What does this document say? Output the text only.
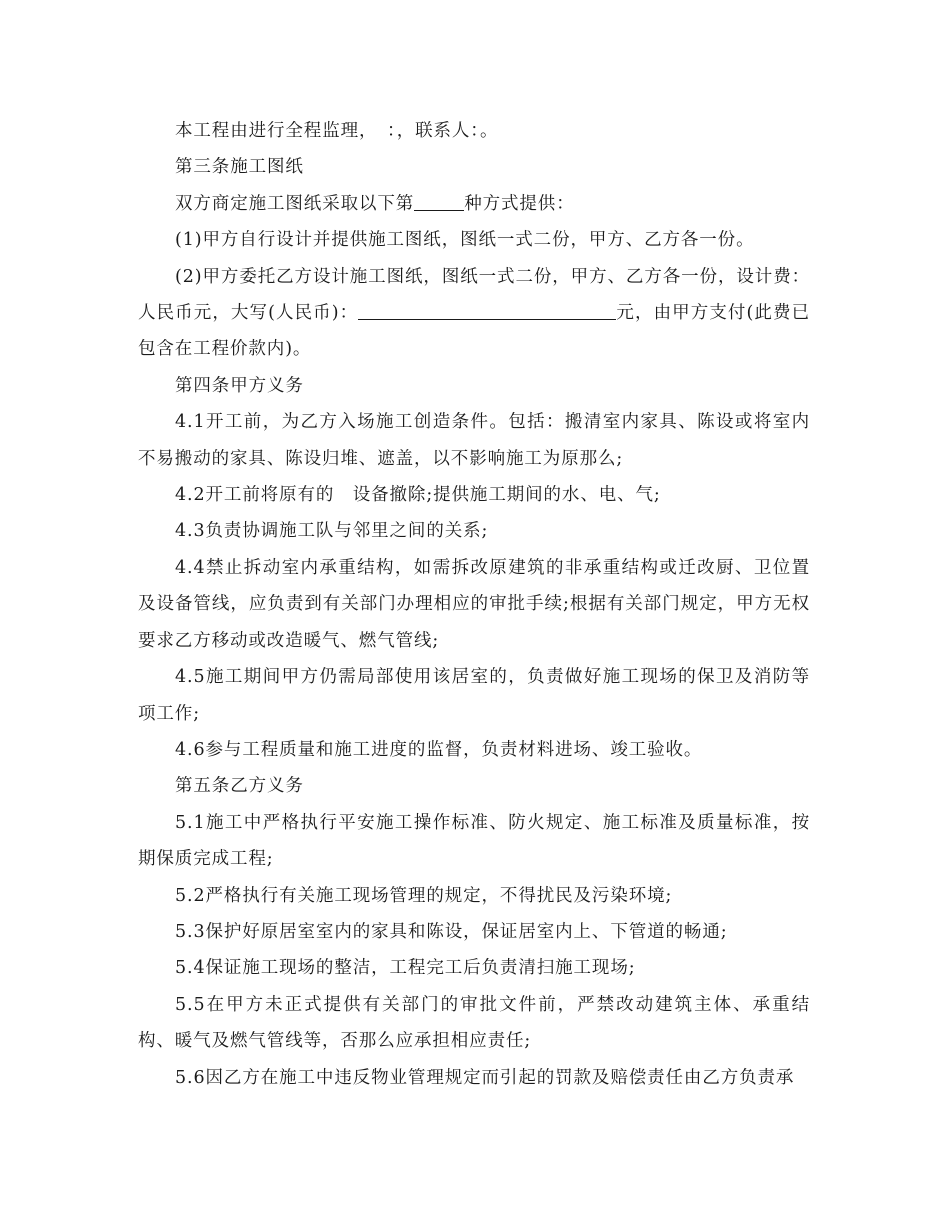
本工程由进行全程监理，　：，联系人：。

第三条施工图纸

双方商定施工图纸采取以下第	种方式提供：

(1)甲方自行设计并提供施工图纸，图纸一式二份，甲方、乙方各一份。

(2)甲方委托乙方设计施工图纸，图纸一式二份，甲方、乙方各一份，设计费：人民币元，大写(人民币)：	元，由甲方支付(此费已包含在工程价款内)。

第四条甲方义务

4.1开工前，为乙方入场施工创造条件。包括：搬清室内家具、陈设或将室内不易搬动的家具、陈设归堆、遮盖，以不影响施工为原那么;

4.2开工前将原有的　设备撤除;提供施工期间的水、电、气;

4.3负责协调施工队与邻里之间的关系;

4.4禁止拆动室内承重结构，如需拆改原建筑的非承重结构或迁改厨、卫位置及设备管线，应负责到有关部门办理相应的审批手续;根据有关部门规定，甲方无权要求乙方移动或改造暖气、燃气管线;

4.5施工期间甲方仍需局部使用该居室的，负责做好施工现场的保卫及消防等项工作;

4.6参与工程质量和施工进度的监督，负责材料进场、竣工验收。

第五条乙方义务

5.1施工中严格执行平安施工操作标准、防火规定、施工标准及质量标准，按期保质完成工程;

5.2严格执行有关施工现场管理的规定，不得扰民及污染环境;

5.3保护好原居室室内的家具和陈设，保证居室内上、下管道的畅通;

5.4保证施工现场的整洁，工程完工后负责清扫施工现场;

5.5在甲方未正式提供有关部门的审批文件前，严禁改动建筑主体、承重结构、暖气及燃气管线等，否那么应承担相应责任;

5.6因乙方在施工中违反物业管理规定而引起的罚款及赔偿责任由乙方负责承
